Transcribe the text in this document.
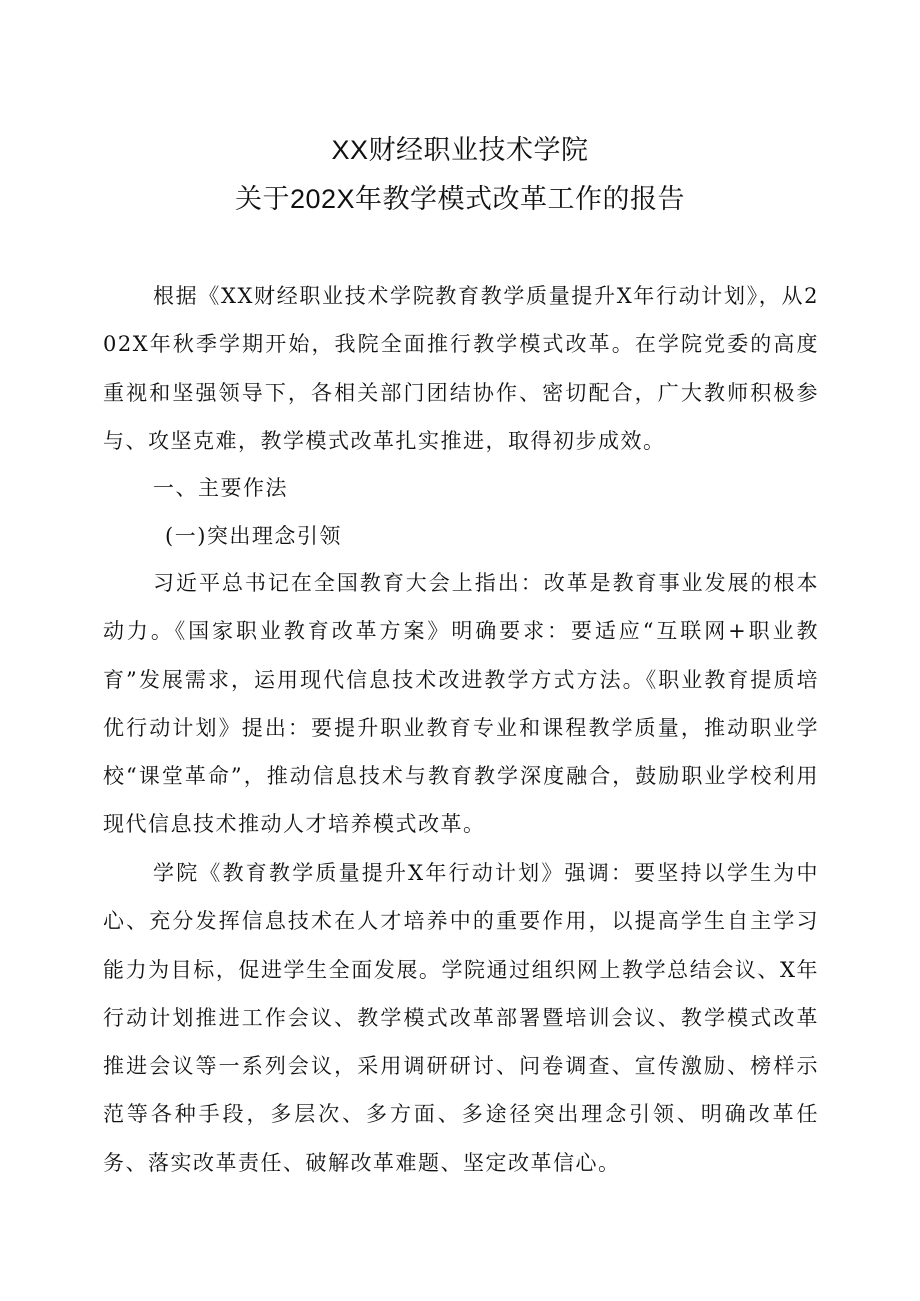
XX财经职业技术学院
关于202X年教学模式改革工作的报告

根据《XX财经职业技术学院教育教学质量提升X年行动计划》，从202X年秋季学期开始，我院全面推行教学模式改革。在学院党委的高度重视和坚强领导下，各相关部门团结协作、密切配合，广大教师积极参与、攻坚克难，教学模式改革扎实推进，取得初步成效。

一、主要作法

(一)突出理念引领

习近平总书记在全国教育大会上指出：改革是教育事业发展的根本动力。《国家职业教育改革方案》明确要求：要适应“互联网+职业教育”发展需求，运用现代信息技术改进教学方式方法。《职业教育提质培优行动计划》提出：要提升职业教育专业和课程教学质量，推动职业学校“课堂革命”，推动信息技术与教育教学深度融合，鼓励职业学校利用现代信息技术推动人才培养模式改革。

学院《教育教学质量提升X年行动计划》强调：要坚持以学生为中心、充分发挥信息技术在人才培养中的重要作用，以提高学生自主学习能力为目标，促进学生全面发展。学院通过组织网上教学总结会议、X年行动计划推进工作会议、教学模式改革部署暨培训会议、教学模式改革推进会议等一系列会议，采用调研研讨、问卷调查、宣传激励、榜样示范等各种手段，多层次、多方面、多途径突出理念引领、明确改革任务、落实改革责任、破解改革难题、坚定改革信心。
